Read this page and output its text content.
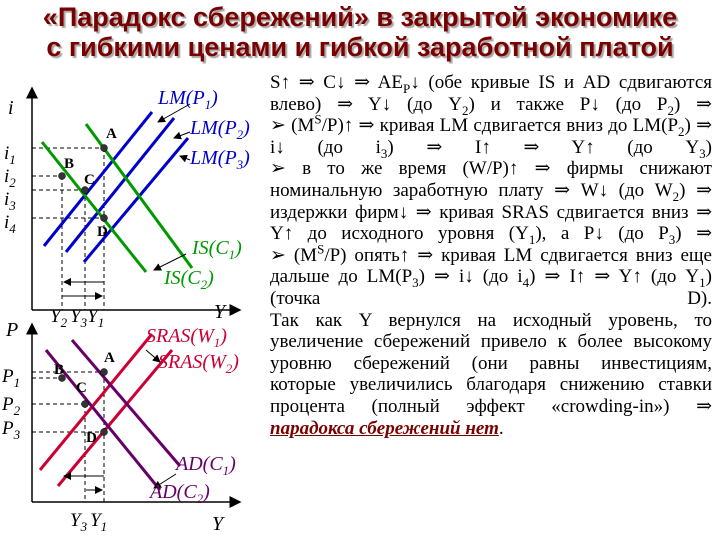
«Парадокс сбережений» в закрытой экономике
с гибкими ценами и гибкой заработной платой
i
Y
$i_1$
$i_2$
$i_3$
$i_4$
A
B
C
D
$LM(P_1)$
$LM(P_2)$
$LM(P_3)$
$IS(C_1)$
$IS(C_2)$
$Y_2$ $Y_3Y_1$
P
Y
$P_1$
$P_2$
$P_3$
A
B
C
D
$SRAS(W_1)$
$SRAS(W_2)$
$AD(C_1)$
$AD(C_2)$
$Y_3$ $Y_1$

S↑ ⇒ C↓ ⇒ $AE_P↓$ (обе кривые IS и AD сдвигаются влево) ⇒ Y↓ (до $Y_2$) и также P↓ (до $P_2$) ⇒

➢ $(M^S/P)↑$ ⇒ кривая LM сдвигается вниз до $LM(P_2)$ ⇒ i↓ (до $i_3$) ⇒ I↑ ⇒ Y↑ (до $Y_3$)

➢ в то же время (W/P)↑ ⇒ фирмы снижают номинальную заработную плату ⇒ W↓ (до $W_2$) ⇒ издержки фирм↓ ⇒ кривая SRAS сдвигается вниз ⇒ Y↑ до исходного уровня $(Y_1)$, а P↓ (до $P_3$) ⇒

➢ $(M^S/P)$ опять↑ ⇒ кривая LM сдвигается вниз еще дальше до $LM(P_3)$ ⇒ i↓ (до $i_4$) ⇒ I↑ ⇒ Y↑ (до $Y_1$) (точка D).

Так как Y вернулся на исходный уровень, то увеличение сбережений привело к более высокому уровню сбережений (они равны инвестициям, которые увеличились благодаря снижению ставки процента (полный эффект «crowding-in») ⇒ парадокса сбережений нет.
